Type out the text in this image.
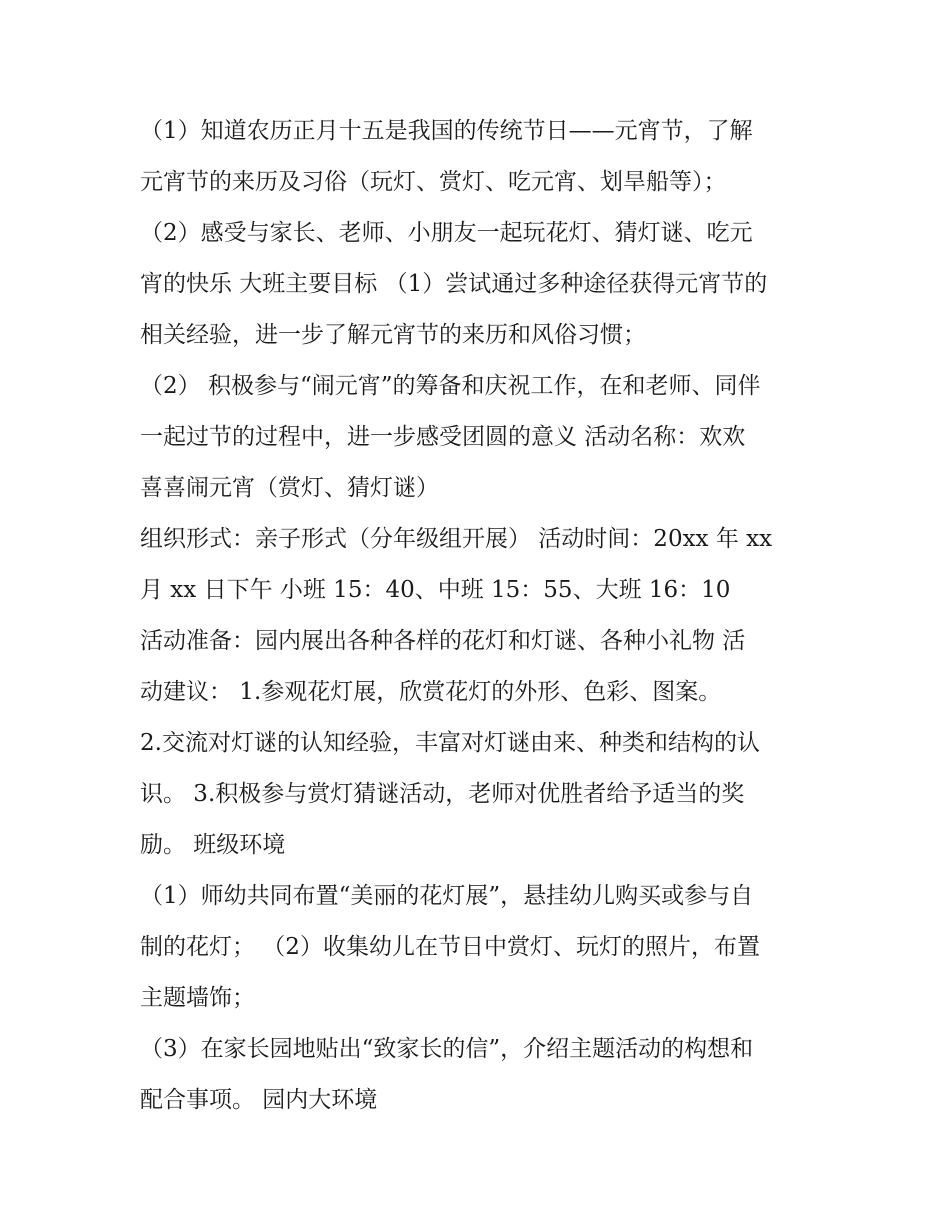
（1）知道农历正月十五是我国的传统节日——元宵节，了解
元宵节的来历及习俗（玩灯、赏灯、吃元宵、划旱船等）；
（2）感受与家长、老师、小朋友一起玩花灯、猜灯谜、吃元
宵的快乐 大班主要目标 （1）尝试通过多种途径获得元宵节的
相关经验，进一步了解元宵节的来历和风俗习惯；
（2） 积极参与“闹元宵”的筹备和庆祝工作，在和老师、同伴
一起过节的过程中，进一步感受团圆的意义 活动名称：欢欢
喜喜闹元宵（赏灯、猜灯谜）
组织形式：亲子形式（分年级组开展） 活动时间：20xx 年 xx
月 xx 日下午 小班 15：40、中班 15：55、大班 16：10
活动准备：园内展出各种各样的花灯和灯谜、各种小礼物 活
动建议： 1.参观花灯展，欣赏花灯的外形、色彩、图案。
2.交流对灯谜的认知经验，丰富对灯谜由来、种类和结构的认
识。 3.积极参与赏灯猜谜活动，老师对优胜者给予适当的奖
励。 班级环境
（1）师幼共同布置“美丽的花灯展”，悬挂幼儿购买或参与自
制的花灯； （2）收集幼儿在节日中赏灯、玩灯的照片，布置
主题墙饰；
（3）在家长园地贴出“致家长的信”，介绍主题活动的构想和
配合事项。 园内大环境
